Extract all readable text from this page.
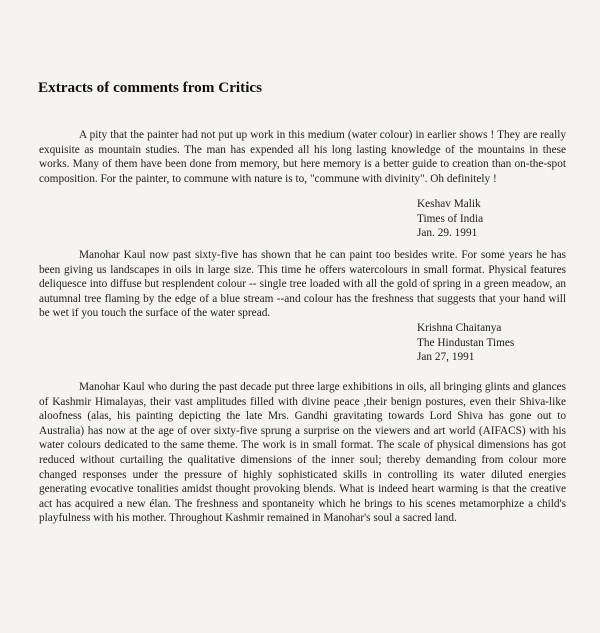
Extracts of comments from Critics

A pity that the painter had not put up work in this medium (water colour) in earlier shows ! They are really exquisite as mountain studies. The man has expended all his long lasting knowledge of the mountains in these works. Many of them have been done from memory, but here memory is a better guide to creation than on-the-spot composition. For the painter, to commune with nature is to, "commune with divinity". Oh definitely !

Keshav Malik
Times of India
Jan. 29. 1991

Manohar Kaul now past sixty-five has shown that he can paint too besides write. For some years he has been giving us landscapes in oils in large size. This time he offers watercolours in small format. Physical features deliquesce into diffuse but resplendent colour -- single tree loaded with all the gold of spring in a green meadow, an autumnal tree flaming by the edge of a blue stream --and colour has the freshness that suggests that your hand will be wet if you touch the surface of the water spread.

Krishna Chaitanya
The Hindustan Times
Jan 27, 1991

Manohar Kaul who during the past decade put three large exhibitions in oils, all bringing glints and glances of Kashmir Himalayas, their vast amplitudes filled with divine peace ,their benign postures, even their Shiva-like aloofness (alas, his painting depicting the late Mrs. Gandhi gravitating towards Lord Shiva has gone out to Australia) has now at the age of over sixty-five sprung a surprise on the viewers and art world (AIFACS) with his water colours dedicated to the same theme. The work is in small format. The scale of physical dimensions has got reduced without curtailing the qualitative dimensions of the inner soul; thereby demanding from colour more changed responses under the pressure of highly sophisticated skills in controlling its water diluted energies generating evocative tonalities amidst thought provoking blends. What is indeed heart warming is that the creative act has acquired a new élan. The freshness and spontaneity which he brings to his scenes metamorphize a child's playfulness with his mother. Throughout Kashmir remained in Manohar's soul a sacred land.
